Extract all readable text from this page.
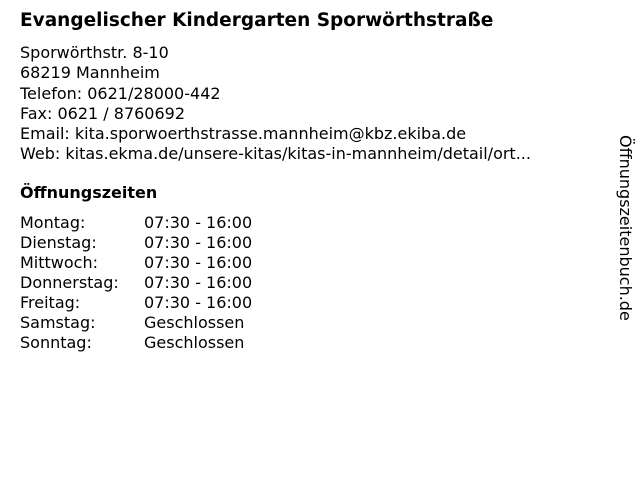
Evangelischer Kindergarten Sporwörthstraße
Sporwörthstr. 8-10
68219 Mannheim
Telefon: 0621/28000-442
Fax: 0621 / 8760692
Email: kita.sporwoerthstrasse.mannheim@kbz.ekiba.de
Web: kitas.ekma.de/unsere-kitas/kitas-in-mannheim/detail/ort...
Öffnungszeiten
Montag:	07:30 - 16:00
Dienstag:	07:30 - 16:00
Mittwoch:	07:30 - 16:00
Donnerstag:	07:30 - 16:00
Freitag:	07:30 - 16:00
Samstag:	Geschlossen
Sonntag:	Geschlossen
Öffnungszeitenbuch.de
